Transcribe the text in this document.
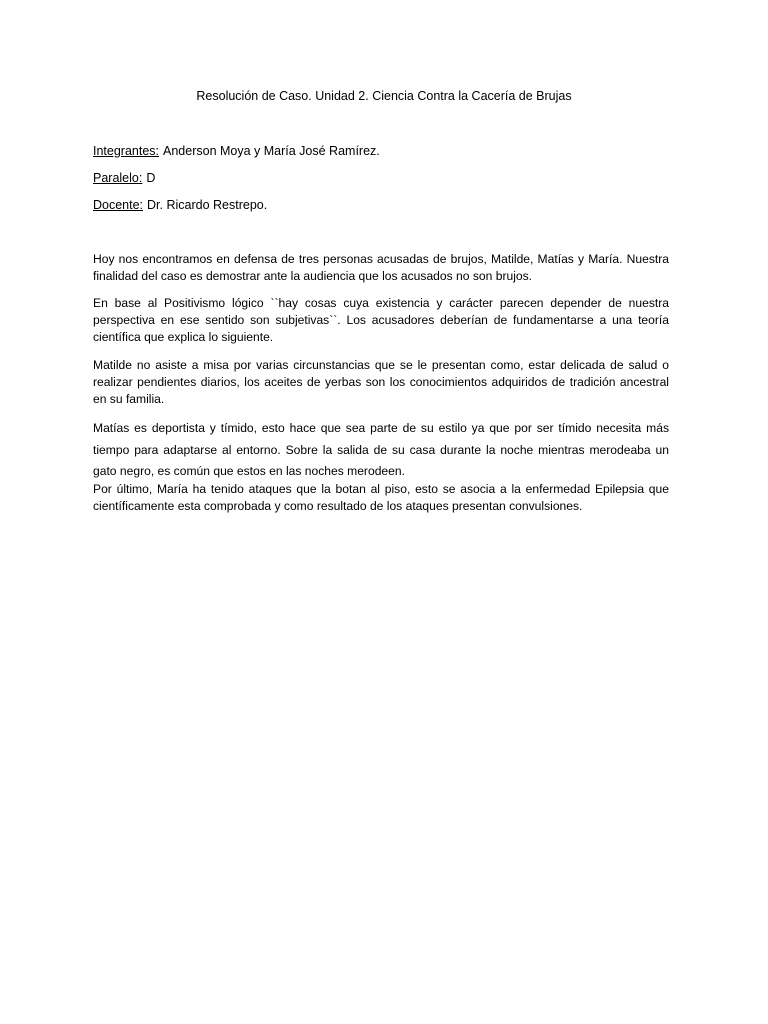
Resolución de Caso. Unidad 2. Ciencia Contra la Cacería de Brujas
Integrantes: Anderson Moya y María José Ramírez.
Paralelo: D
Docente: Dr. Ricardo Restrepo.

Hoy nos encontramos en defensa de tres personas acusadas de brujos, Matilde, Matías y María. Nuestra finalidad del caso es demostrar ante la audiencia que los acusados no son brujos.

En base al Positivismo lógico ``hay cosas cuya existencia y carácter parecen depender de nuestra perspectiva en ese sentido son subjetivas``. Los acusadores deberían de fundamentarse a una teoría científica que explica lo siguiente.

Matilde no asiste a misa por varias circunstancias que se le presentan como, estar delicada de salud o realizar pendientes diarios, los aceites de yerbas son los conocimientos adquiridos de tradición ancestral en su familia.

Matías es deportista y tímido, esto hace que sea parte de su estilo ya que por ser tímido necesita más tiempo para adaptarse al entorno. Sobre la salida de su casa durante la noche mientras merodeaba un gato negro, es común que estos en las noches merodeen.

Por último, María ha tenido ataques que la botan al piso, esto se asocia a la enfermedad Epilepsia que científicamente esta comprobada y como resultado de los ataques presentan convulsiones.
